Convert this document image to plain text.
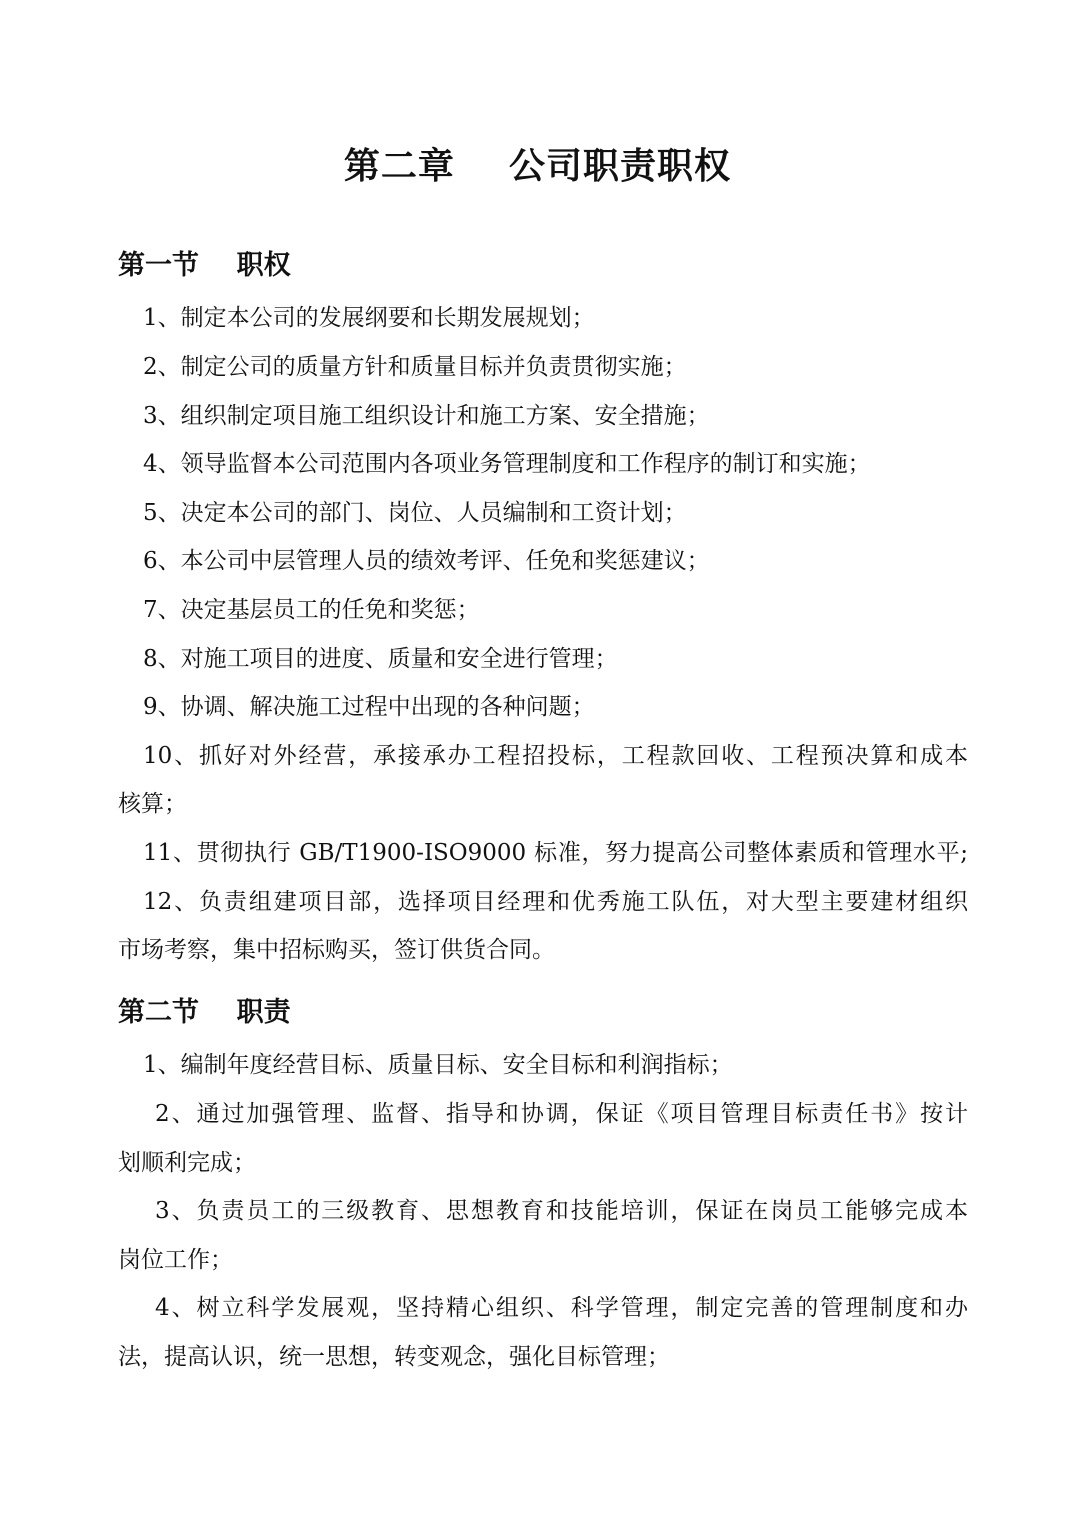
第二章    公司职责职权
第一节    职权
1、制定本公司的发展纲要和长期发展规划；
2、制定公司的质量方针和质量目标并负责贯彻实施；
3、组织制定项目施工组织设计和施工方案、安全措施；
4、领导监督本公司范围内各项业务管理制度和工作程序的制订和实施；
5、决定本公司的部门、岗位、人员编制和工资计划；
6、本公司中层管理人员的绩效考评、任免和奖惩建议；
7、决定基层员工的任免和奖惩；
8、对施工项目的进度、质量和安全进行管理；
9、协调、解决施工过程中出现的各种问题；
10、抓好对外经营，承接承办工程招投标，工程款回收、工程预决算和成本
核算；
11、贯彻执行 GB/T1900-ISO9000 标准，努力提高公司整体素质和管理水平;
12、负责组建项目部，选择项目经理和优秀施工队伍，对大型主要建材组织
市场考察，集中招标购买，签订供货合同。
第二节    职责
1、编制年度经营目标、质量目标、安全目标和利润指标；
2、通过加强管理、监督、指导和协调，保证《项目管理目标责任书》按计
划顺利完成；
3、负责员工的三级教育、思想教育和技能培训，保证在岗员工能够完成本
岗位工作；
4、树立科学发展观，坚持精心组织、科学管理，制定完善的管理制度和办
法，提高认识，统一思想，转变观念，强化目标管理；
